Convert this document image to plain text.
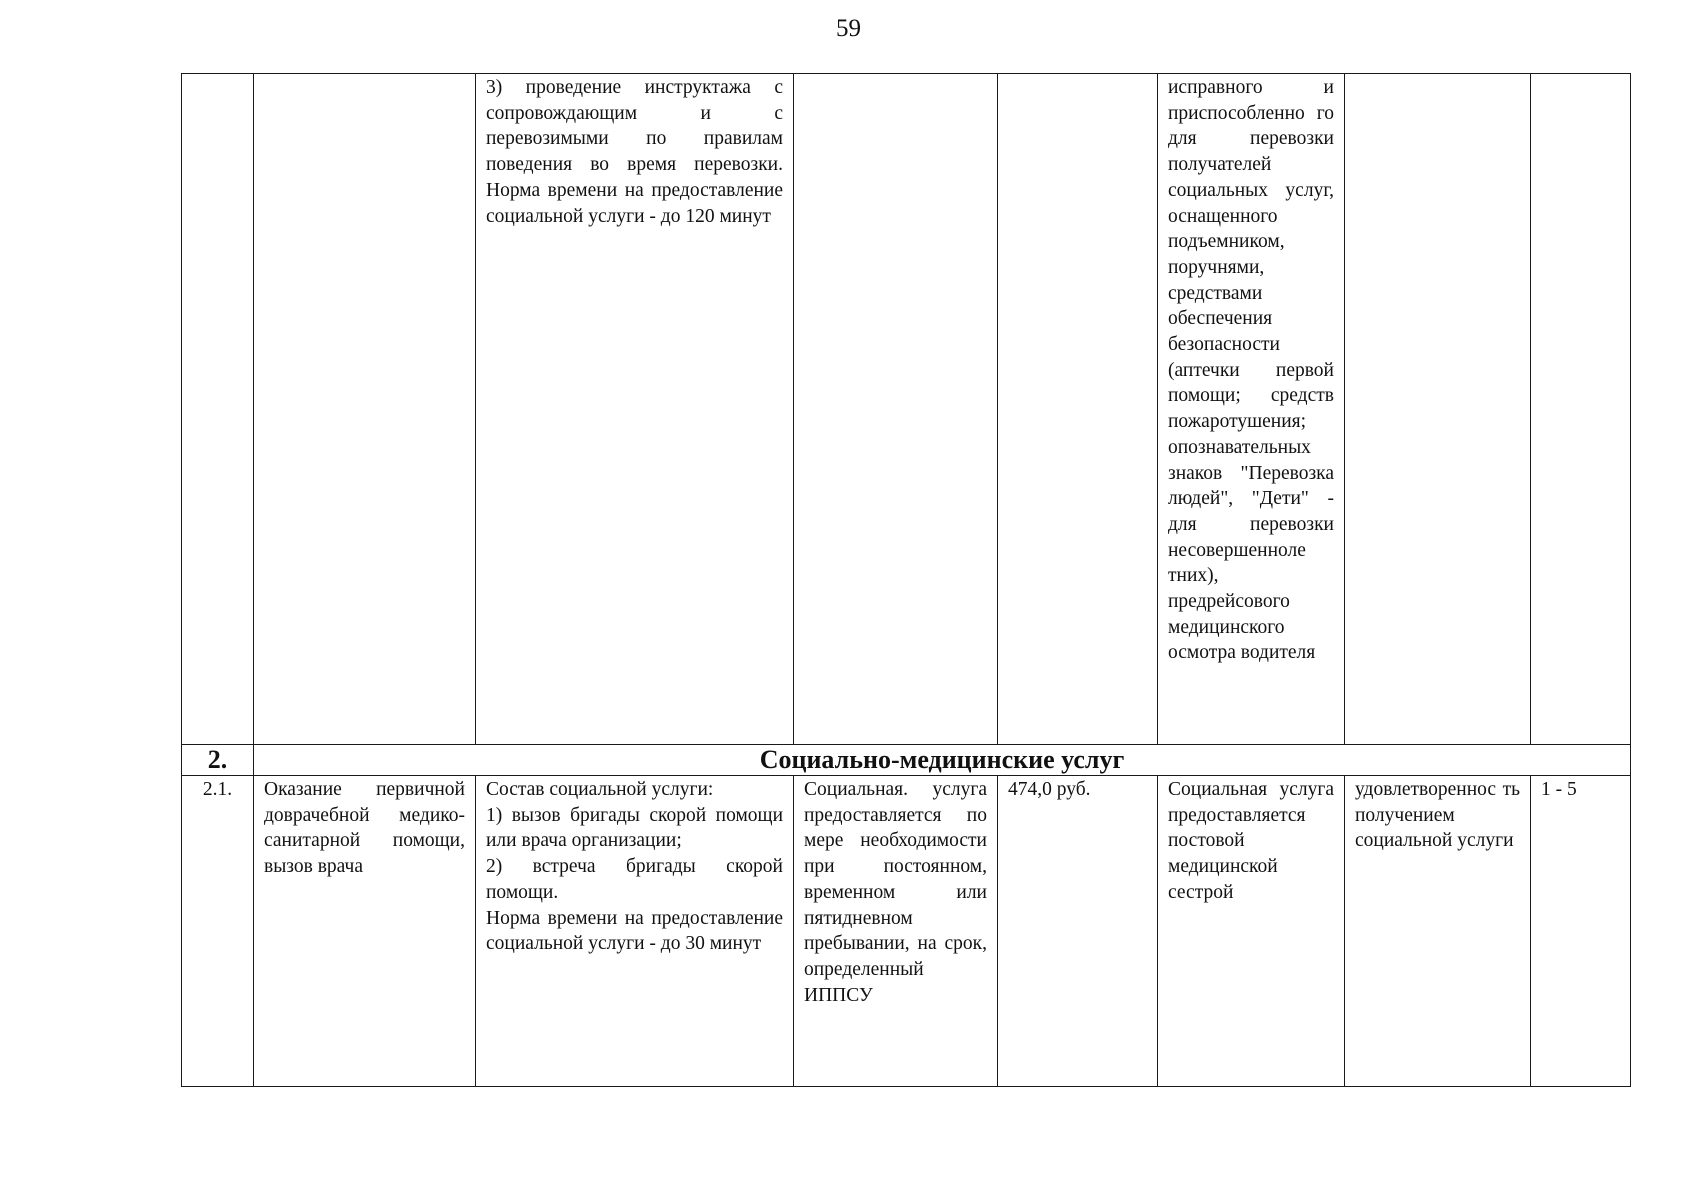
59
		3) проведение инструктажа с сопровождающим и с перевозимыми по правилам поведения во время перевозки. Норма времени на предоставление социальной услуги - до 120 минут			исправного и приспособленно го для перевозки получателей социальных услуг, оснащенного подъемником, поручнями, средствами обеспечения безопасности (аптечки первой помощи; средств пожаротушения; опознавательных знаков "Перевозка людей", "Дети" - для перевозки несовершенноле тних), предрейсового медицинского осмотра водителя		
2.	Социально-медицинские услуг						
2.1.	Оказание первичной доврачебной медико-санитарной помощи, вызов врача	Состав социальной услуги:
1) вызов бригады скорой помощи или врача организации;
2) встреча бригады скорой помощи.
Норма времени на предоставление социальной услуги - до 30 минут	Социальная. услуга предоставляется по мере необходимости при постоянном, временном или пятидневном пребывании, на срок, определенный ИППСУ	474,0 руб.	Социальная услуга предоставляется постовой медицинской сестрой	удовлетвореннос ть получением социальной услуги	1 - 5
